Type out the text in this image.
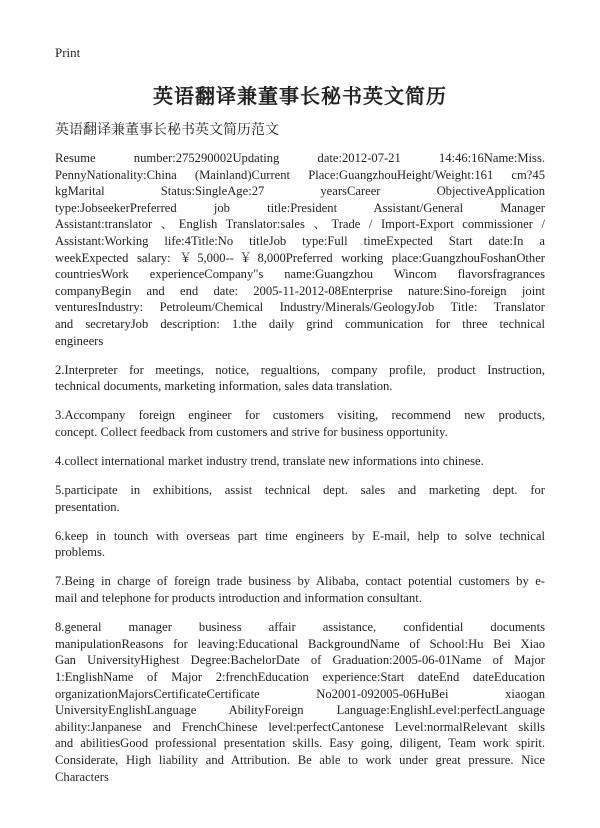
Print
英语翻译兼董事长秘书英文简历
英语翻译兼董事长秘书英文简历范文
Resume number:275290002Updating date:2012-07-21 14:46:16Name:Miss.
PennyNationality:China (Mainland)Current Place:GuangzhouHeight/Weight:161 cm?45
kgMarital Status:SingleAge:27 yearsCareer ObjectiveApplication
type:JobseekerPreferred job title:President Assistant/General Manager
Assistant:translator 、English Translator:sales 、Trade / Import-Export commissioner /
Assistant:Working life:4Title:No titleJob type:Full timeExpected Start date:In a
weekExpected salary: ￥5,000--￥8,000Preferred working place:GuangzhouFoshanOther
countriesWork experienceCompany"s name:Guangzhou Wincom flavorsfragrances
companyBegin and end date: 2005-11-2012-08Enterprise nature:Sino-foreign joint
venturesIndustry: Petroleum/Chemical Industry/Minerals/GeologyJob Title: Translator
and secretaryJob description: 1.the daily grind communication for three technical
engineers
2.Interpreter for meetings, notice, regualtions, company profile, product Instruction,
technical documents, marketing information, sales data translation.
3.Accompany foreign engineer for customers visiting, recommend new products,
concept. Collect feedback from customers and strive for business opportunity.
4.collect international market industry trend, translate new informations into chinese.
5.participate in exhibitions, assist technical dept. sales and marketing dept. for
presentation.
6.keep in tounch with overseas part time engineers by E-mail, help to solve technical
problems.
7.Being in charge of foreign trade business by Alibaba, contact potential customers by e-
mail and telephone for products introduction and information consultant.
8.general manager business affair assistance, confidential documents
manipulationReasons for leaving:Educational BackgroundName of School:Hu Bei Xiao
Gan UniversityHighest Degree:BachelorDate of Graduation:2005-06-01Name of Major
1:EnglishName of Major 2:frenchEducation experience:Start dateEnd dateEducation
organizationMajorsCertificateCertificate No2001-092005-06HuBei xiaogan
UniversityEnglishLanguage AbilityForeign Language:EnglishLevel:perfectLanguage
ability:Janpanese and FrenchChinese level:perfectCantonese Level:normalRelevant skills
and abilitiesGood professional presentation skills. Easy going, diligent, Team work spirit.
Considerate, High liability and Attribution. Be able to work under great pressure. Nice
Characters
